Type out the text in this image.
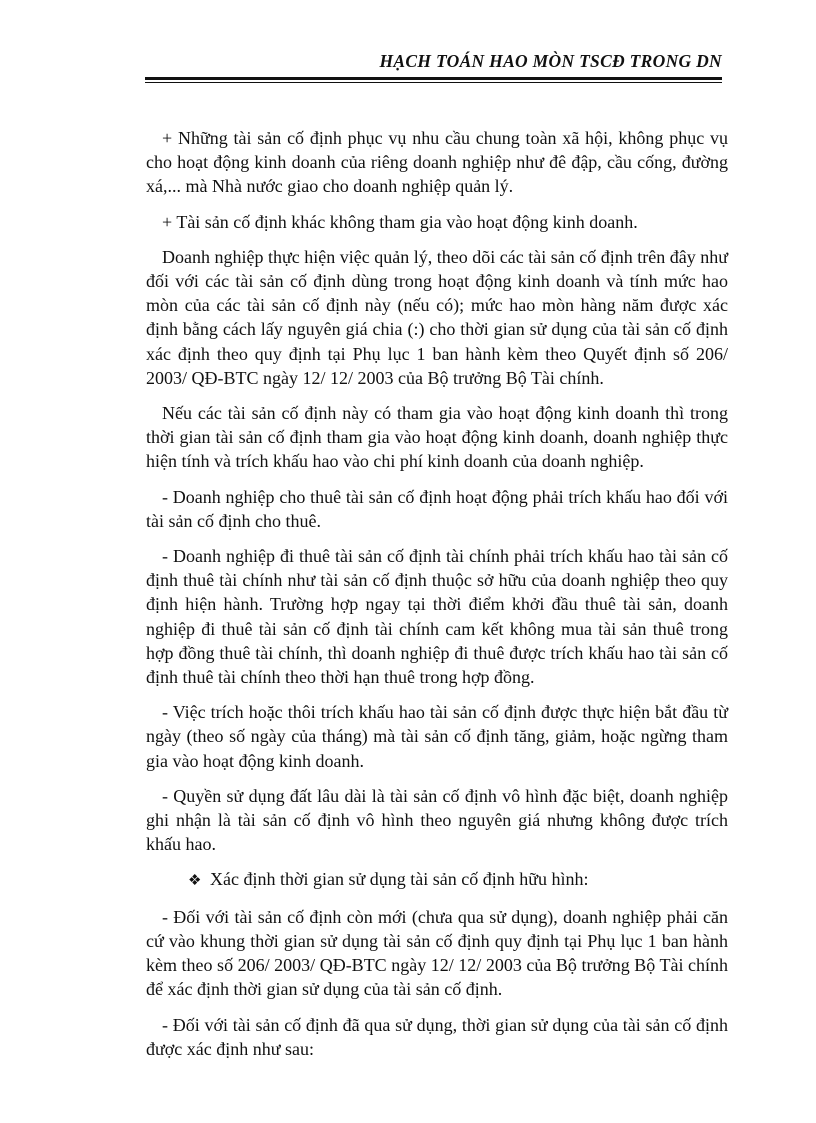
HẠCH TOÁN HAO MÒN TSCĐ TRONG DN

+ Những tài sản cố định phục vụ nhu cầu chung toàn xã hội, không phục vụ cho hoạt động kinh doanh của riêng doanh nghiệp như đê đập, cầu cống, đường xá,... mà Nhà nước giao cho doanh nghiệp quản lý.

+ Tài sản cố định khác không tham gia vào hoạt động kinh doanh.

Doanh nghiệp thực hiện việc quản lý, theo dõi các tài sản cố định trên đây như đối với các tài sản cố định dùng trong hoạt động kinh doanh và tính mức hao mòn của các tài sản cố định này (nếu có); mức hao mòn hàng năm được xác định bằng cách lấy nguyên giá chia (:) cho thời gian sử dụng của tài sản cố định xác định theo quy định tại Phụ lục 1 ban hành kèm theo Quyết định số 206/ 2003/ QĐ-BTC ngày 12/ 12/ 2003 của Bộ trưởng Bộ Tài chính.

Nếu các tài sản cố định này có tham gia vào hoạt động kinh doanh thì trong thời gian tài sản cố định tham gia vào hoạt động kinh doanh, doanh nghiệp thực hiện tính và trích khấu hao vào chi phí kinh doanh của doanh nghiệp.

- Doanh nghiệp cho thuê tài sản cố định hoạt động phải trích khấu hao đối với tài sản cố định cho thuê.

- Doanh nghiệp đi thuê tài sản cố định tài chính phải trích khấu hao tài sản cố định thuê tài chính như tài sản cố định thuộc sở hữu của doanh nghiệp theo quy định hiện hành. Trường hợp ngay tại thời điểm khởi đầu thuê tài sản, doanh nghiệp đi thuê tài sản cố định tài chính cam kết không mua tài sản thuê trong hợp đồng thuê tài chính, thì doanh nghiệp đi thuê được trích khấu hao tài sản cố định thuê tài chính theo thời hạn thuê trong hợp đồng.

- Việc trích hoặc thôi trích khấu hao tài sản cố định được thực hiện bắt đầu từ ngày (theo số ngày của tháng) mà tài sản cố định tăng, giảm, hoặc ngừng tham gia vào hoạt động kinh doanh.

- Quyền sử dụng đất lâu dài là tài sản cố định vô hình đặc biệt, doanh nghiệp ghi nhận là tài sản cố định vô hình theo nguyên giá nhưng không được trích khấu hao.

❖ Xác định thời gian sử dụng tài sản cố định hữu hình:

- Đối với tài sản cố định còn mới (chưa qua sử dụng), doanh nghiệp phải căn cứ vào khung thời gian sử dụng tài sản cố định quy định tại Phụ lục 1 ban hành kèm theo số 206/ 2003/ QĐ-BTC ngày 12/ 12/ 2003 của Bộ trưởng Bộ Tài chính để xác định thời gian sử dụng của tài sản cố định.

- Đối với tài sản cố định đã qua sử dụng, thời gian sử dụng của tài sản cố định được xác định như sau:
